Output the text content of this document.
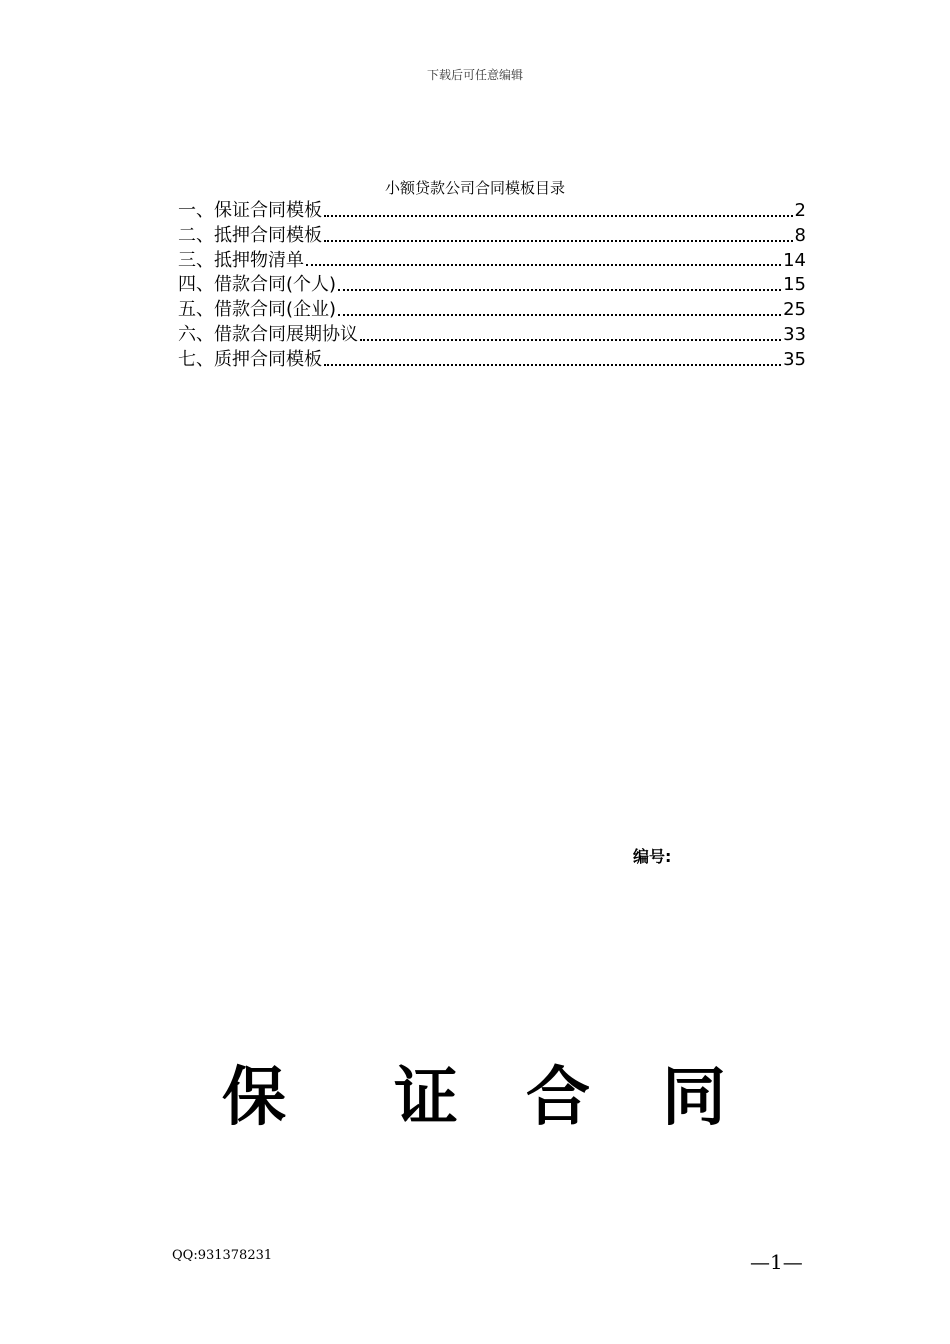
下载后可任意编辑
小额贷款公司合同模板目录
一、保证合同模板	2
二、抵押合同模板	8
三、抵押物清单	14
四、借款合同(个人)	15
五、借款合同(企业)	25
六、借款合同展期协议	33
七、质押合同模板	35
编号:
保 证 合 同
QQ:931378231	—1—
